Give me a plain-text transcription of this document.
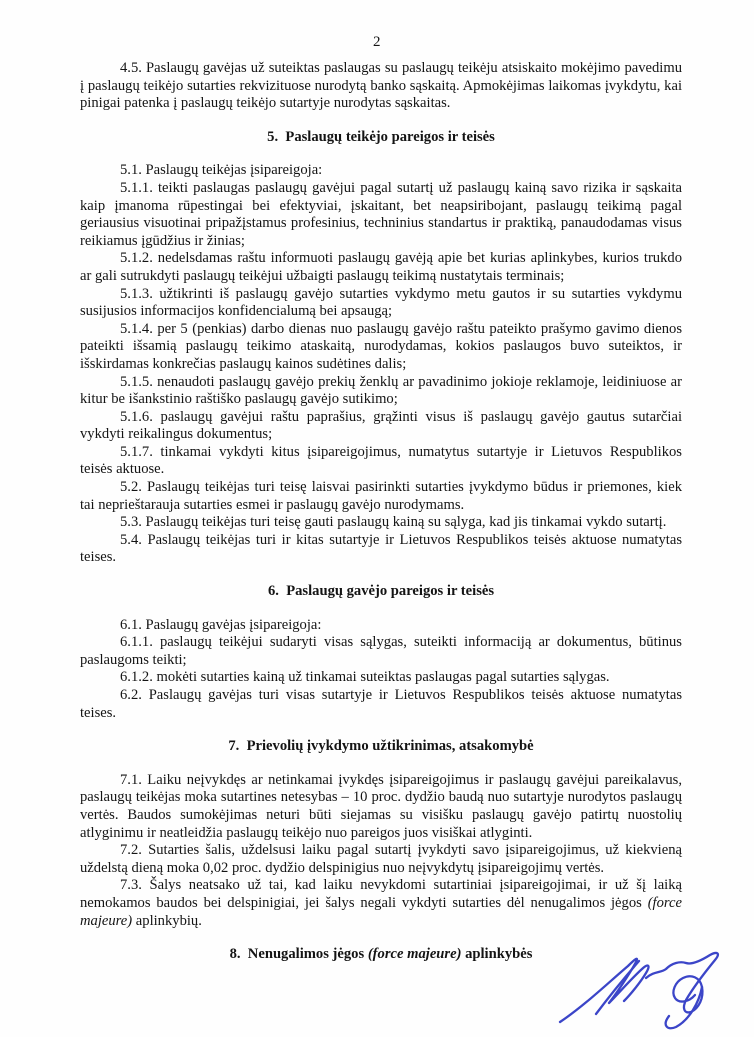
2

4.5. Paslaugų gavėjas už suteiktas paslaugas su paslaugų teikėju atsiskaito mokėjimo pavedimu į paslaugų teikėjo sutarties rekvizituose nurodytą banko sąskaitą. Apmokėjimas laikomas įvykdytu, kai pinigai patenka į paslaugų teikėjo sutartyje nurodytas sąskaitas.

5.  Paslaugų teikėjo pareigos ir teisės

5.1. Paslaugų teikėjas įsipareigoja:

5.1.1. teikti paslaugas paslaugų gavėjui pagal sutartį už paslaugų kainą savo rizika ir sąskaita kaip įmanoma rūpestingai bei efektyviai, įskaitant, bet neapsiribojant, paslaugų teikimą pagal geriausius visuotinai pripažįstamus profesinius, techninius standartus ir praktiką, panaudodamas visus reikiamus įgūdžius ir žinias;

5.1.2. nedelsdamas raštu informuoti paslaugų gavėją apie bet kurias aplinkybes, kurios trukdo ar gali sutrukdyti paslaugų teikėjui užbaigti paslaugų teikimą nustatytais terminais;

5.1.3. užtikrinti iš paslaugų gavėjo sutarties vykdymo metu gautos ir su sutarties vykdymu susijusios informacijos konfidencialumą bei apsaugą;

5.1.4. per 5 (penkias) darbo dienas nuo paslaugų gavėjo raštu pateikto prašymo gavimo dienos pateikti išsamią paslaugų teikimo ataskaitą, nurodydamas, kokios paslaugos buvo suteiktos, ir išskirdamas konkrečias paslaugų kainos sudėtines dalis;

5.1.5. nenaudoti paslaugų gavėjo prekių ženklų ar pavadinimo jokioje reklamoje, leidiniuose ar kitur be išankstinio raštiško paslaugų gavėjo sutikimo;

5.1.6. paslaugų gavėjui raštu paprašius, grąžinti visus iš paslaugų gavėjo gautus sutarčiai vykdyti reikalingus dokumentus;

5.1.7. tinkamai vykdyti kitus įsipareigojimus, numatytus sutartyje ir Lietuvos Respublikos teisės aktuose.

5.2. Paslaugų teikėjas turi teisę laisvai pasirinkti sutarties įvykdymo būdus ir priemones, kiek tai neprieštarauja sutarties esmei ir paslaugų gavėjo nurodymams.

5.3. Paslaugų teikėjas turi teisę gauti paslaugų kainą su sąlyga, kad jis tinkamai vykdo sutartį.

5.4. Paslaugų teikėjas turi ir kitas sutartyje ir Lietuvos Respublikos teisės aktuose numatytas teises.

6.  Paslaugų gavėjo pareigos ir teisės

6.1. Paslaugų gavėjas įsipareigoja:

6.1.1. paslaugų teikėjui sudaryti visas sąlygas, suteikti informaciją ar dokumentus, būtinus paslaugoms teikti;

6.1.2. mokėti sutarties kainą už tinkamai suteiktas paslaugas pagal sutarties sąlygas.

6.2. Paslaugų gavėjas turi visas sutartyje ir Lietuvos Respublikos teisės aktuose numatytas teises.

7.  Prievolių įvykdymo užtikrinimas, atsakomybė

7.1. Laiku neįvykdęs ar netinkamai įvykdęs įsipareigojimus ir paslaugų gavėjui pareikalavus, paslaugų teikėjas moka sutartines netesybas – 10 proc. dydžio baudą nuo sutartyje nurodytos paslaugų vertės. Baudos sumokėjimas neturi būti siejamas su visišku paslaugų gavėjo patirtų nuostolių atlyginimu ir neatleidžia paslaugų teikėjo nuo pareigos juos visiškai atlyginti.

7.2. Sutarties šalis, uždelsusi laiku pagal sutartį įvykdyti savo įsipareigojimus, už kiekvieną uždelstą dieną moka 0,02 proc. dydžio delspinigius nuo neįvykdytų įsipareigojimų vertės.

7.3. Šalys neatsako už tai, kad laiku nevykdomi sutartiniai įsipareigojimai, ir už šį laiką nemokamos baudos bei delspinigiai, jei šalys negali vykdyti sutarties dėl nenugalimos jėgos (force majeure) aplinkybių.

8.  Nenugalimos jėgos (force majeure) aplinkybės
